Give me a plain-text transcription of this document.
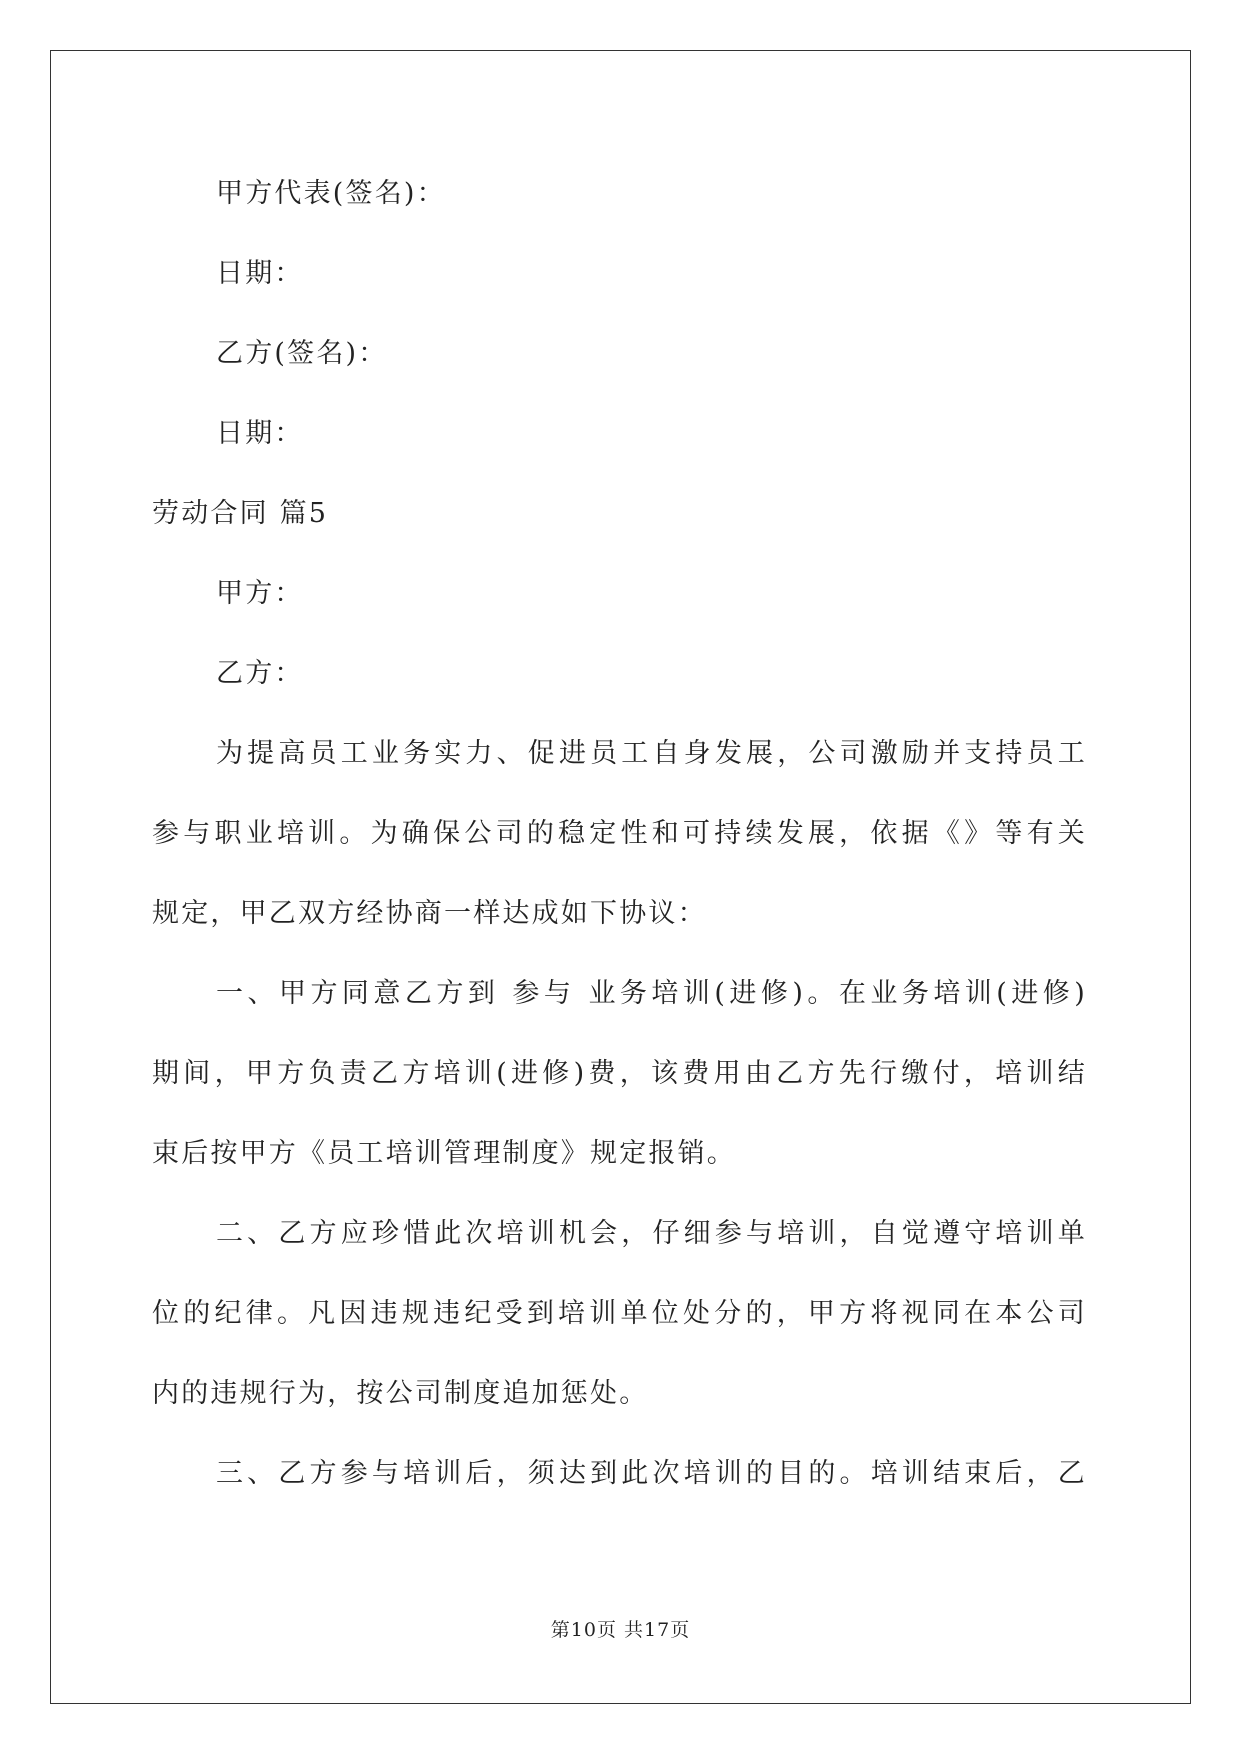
甲方代表(签名)：
日期：
乙方(签名)：
日期：
劳动合同 篇5
甲方：
乙方：
为提高员工业务实力、促进员工自身发展，公司激励并支持员工
参与职业培训。为确保公司的稳定性和可持续发展，依据《》等有关
规定，甲乙双方经协商一样达成如下协议：
一、甲方同意乙方到 参与 业务培训(进修)。在业务培训(进修)
期间，甲方负责乙方培训(进修)费，该费用由乙方先行缴付，培训结
束后按甲方《员工培训管理制度》规定报销。
二、乙方应珍惜此次培训机会，仔细参与培训，自觉遵守培训单
位的纪律。凡因违规违纪受到培训单位处分的，甲方将视同在本公司
内的违规行为，按公司制度追加惩处。
三、乙方参与培训后，须达到此次培训的目的。培训结束后，乙
第10页 共17页
